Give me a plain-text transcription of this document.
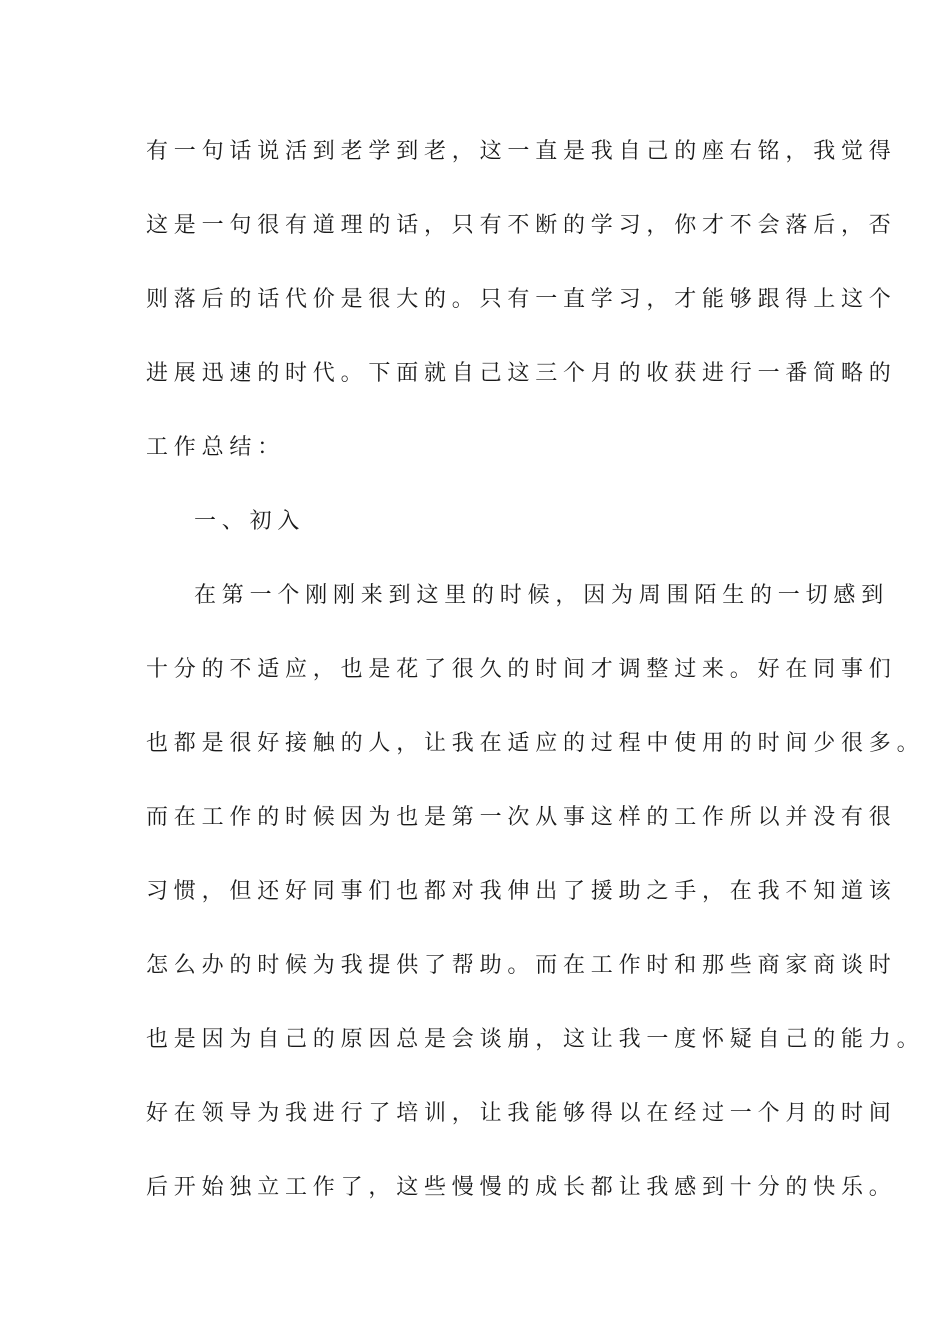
有一句话说活到老学到老，这一直是我自己的座右铭，我觉得
这是一句很有道理的话，只有不断的学习，你才不会落后，否
则落后的话代价是很大的。只有一直学习，才能够跟得上这个
进展迅速的时代。下面就自己这三个月的收获进行一番简略的
工作总结：
一、初入
在第一个刚刚来到这里的时候，因为周围陌生的一切感到
十分的不适应，也是花了很久的时间才调整过来。好在同事们
也都是很好接触的人，让我在适应的过程中使用的时间少很多。
而在工作的时候因为也是第一次从事这样的工作所以并没有很
习惯，但还好同事们也都对我伸出了援助之手，在我不知道该
怎么办的时候为我提供了帮助。而在工作时和那些商家商谈时
也是因为自己的原因总是会谈崩，这让我一度怀疑自己的能力。
好在领导为我进行了培训，让我能够得以在经过一个月的时间
后开始独立工作了，这些慢慢的成长都让我感到十分的快乐。
